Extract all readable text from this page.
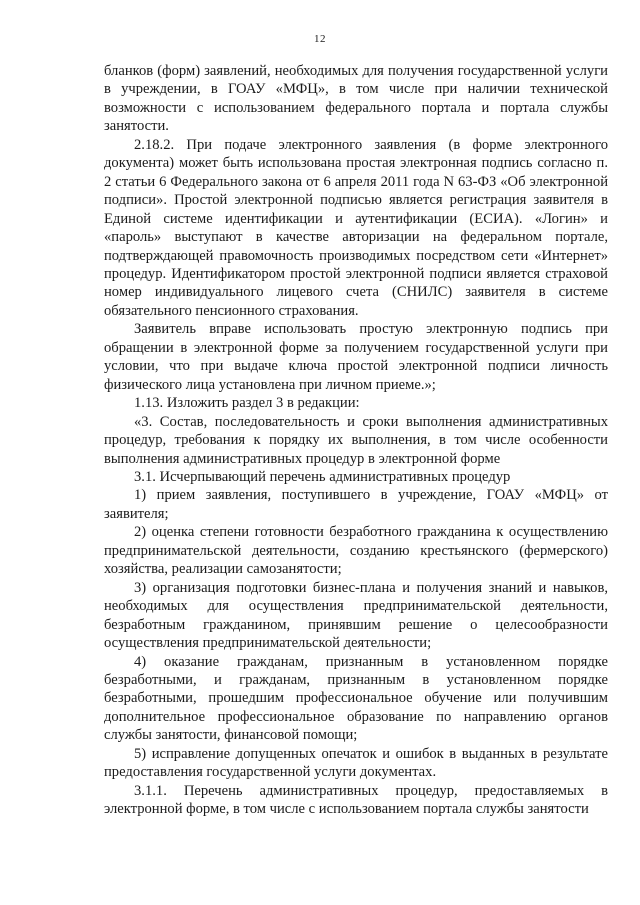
12

бланков (форм) заявлений, необходимых для получения государственной услуги в учреждении, в ГОАУ «МФЦ», в том числе при наличии технической возможности с использованием федерального портала и портала службы занятости.

2.18.2. При подаче электронного заявления (в форме электронного документа) может быть использована простая электронная подпись согласно п. 2 статьи 6 Федерального закона от 6 апреля 2011 года N 63-ФЗ «Об электронной подписи». Простой электронной подписью является регистрация заявителя в Единой системе идентификации и аутентификации (ЕСИА). «Логин» и «пароль» выступают в качестве авторизации на федеральном портале, подтверждающей правомочность производимых посредством сети «Интернет» процедур. Идентификатором простой электронной подписи является страховой номер индивидуального лицевого счета (СНИЛС) заявителя в системе обязательного пенсионного страхования.

Заявитель вправе использовать простую электронную подпись при обращении в электронной форме за получением государственной услуги при условии, что при выдаче ключа простой электронной подписи личность физического лица установлена при личном приеме.»;

1.13. Изложить раздел 3 в редакции:

«3. Состав, последовательность и сроки выполнения административных процедур, требования к порядку их выполнения, в том числе особенности выполнения административных процедур в электронной форме

3.1. Исчерпывающий перечень административных процедур

1) прием заявления, поступившего в учреждение, ГОАУ «МФЦ» от заявителя;

2) оценка степени готовности безработного гражданина к осуществлению предпринимательской деятельности, созданию крестьянского (фермерского) хозяйства, реализации самозанятости;

3) организация подготовки бизнес-плана и получения знаний и навыков, необходимых для осуществления предпринимательской деятельности, безработным гражданином, принявшим решение о целесообразности осуществления предпринимательской деятельности;

4) оказание гражданам, признанным в установленном порядке безработными, и гражданам, признанным в установленном порядке безработными, прошедшим профессиональное обучение или получившим дополнительное профессиональное образование по направлению органов службы занятости, финансовой помощи;

5) исправление допущенных опечаток и ошибок в выданных в результате предоставления государственной услуги документах.

3.1.1. Перечень административных процедур, предоставляемых в электронной форме, в том числе с использованием портала службы занятости
